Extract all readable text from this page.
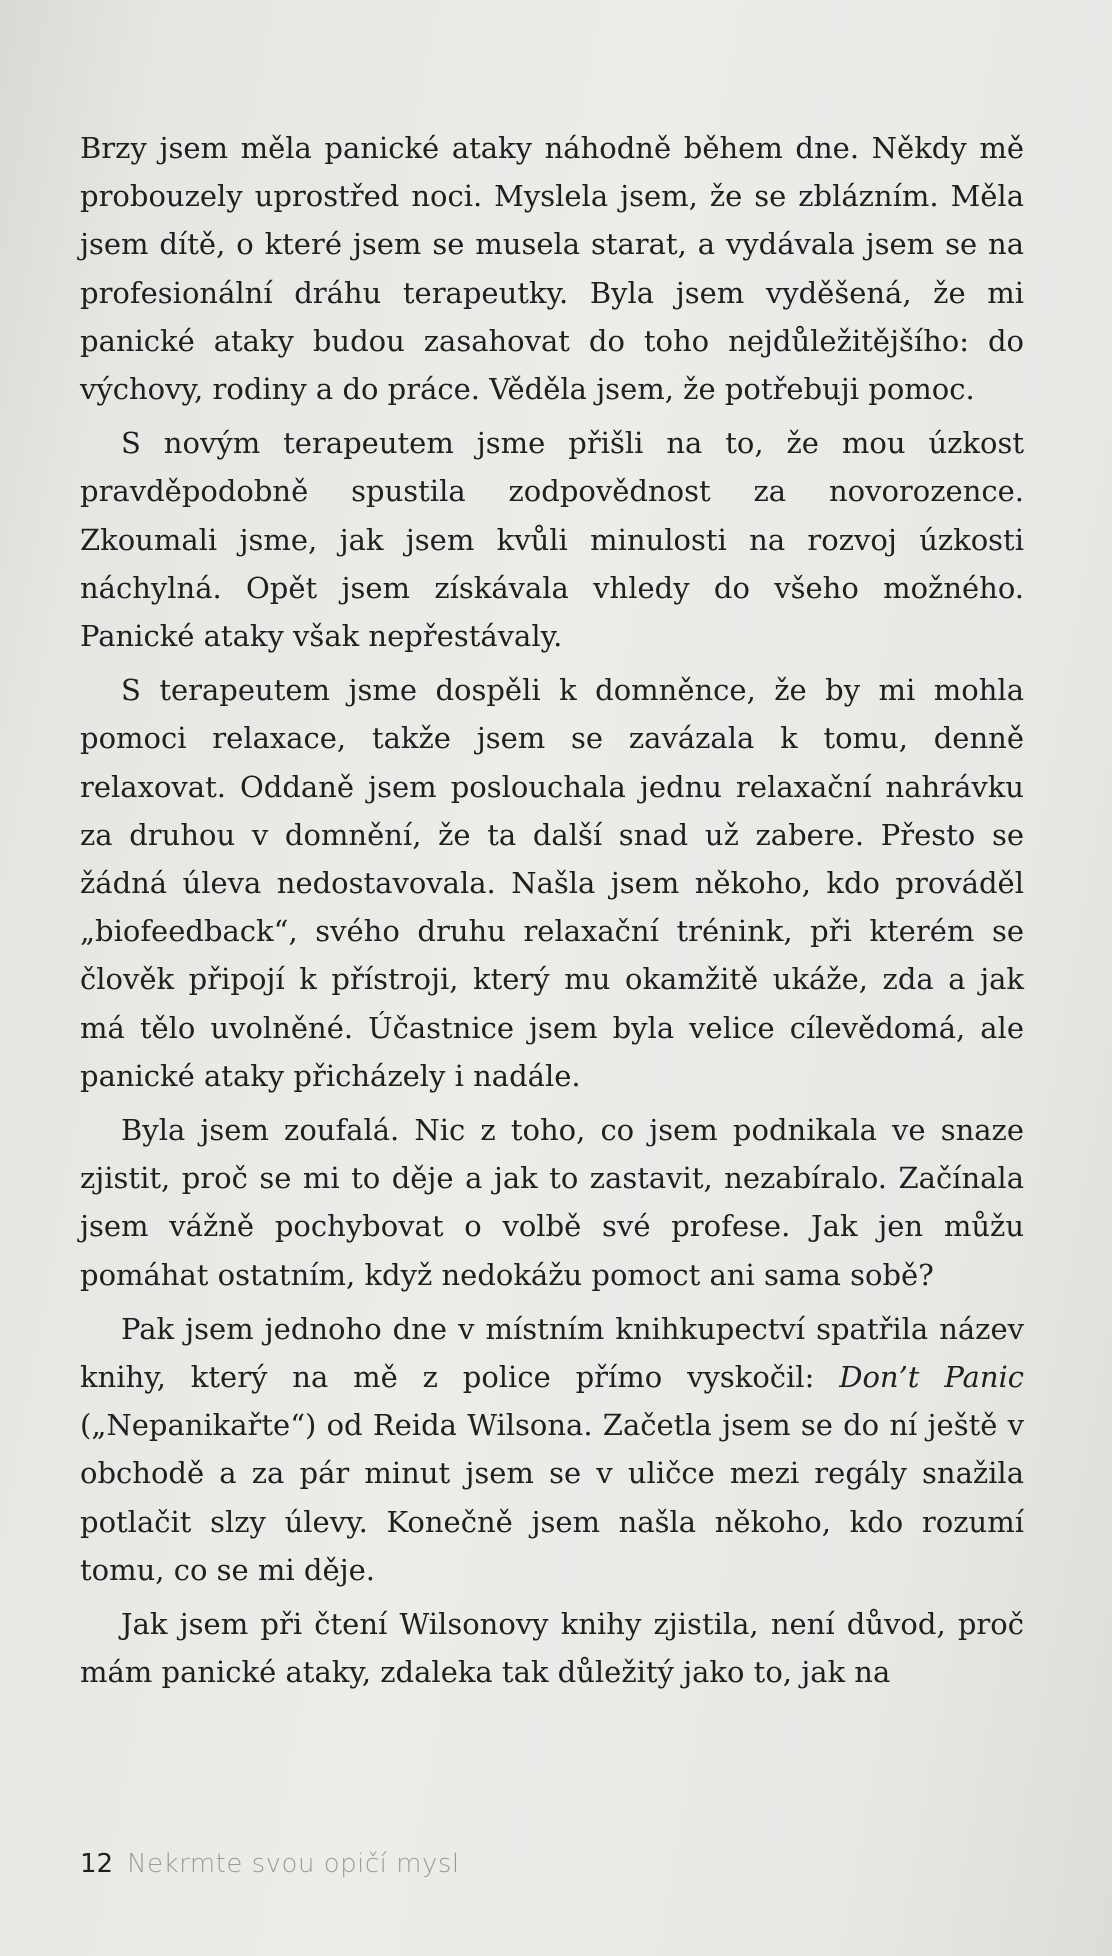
Brzy jsem měla panické ataky náhodně během dne. Někdy mě probouzely uprostřed noci. Myslela jsem, že se zblázním. Měla jsem dítě, o které jsem se musela starat, a vydávala jsem se na profesionální dráhu terapeutky. Byla jsem vyděšená, že mi panické ataky budou zasahovat do toho nejdůležitějšího: do výchovy, rodiny a do práce. Věděla jsem, že potřebuji pomoc.

S novým terapeutem jsme přišli na to, že mou úzkost pravděpodobně spustila zodpovědnost za novorozence. Zkoumali jsme, jak jsem kvůli minulosti na rozvoj úzkosti náchylná. Opět jsem získávala vhledy do všeho možného. Panické ataky však nepřestávaly.

S terapeutem jsme dospěli k domněnce, že by mi mohla pomoci relaxace, takže jsem se zavázala k tomu, denně relaxovat. Oddaně jsem poslouchala jednu relaxační nahrávku za druhou v domnění, že ta další snad už zabere. Přesto se žádná úleva nedostavovala. Našla jsem někoho, kdo prováděl „biofeedback“, svého druhu relaxační trénink, při kterém se člověk připojí k přístroji, který mu okamžitě ukáže, zda a jak má tělo uvolněné. Účastnice jsem byla velice cílevědomá, ale panické ataky přicházely i nadále.

Byla jsem zoufalá. Nic z toho, co jsem podnikala ve snaze zjistit, proč se mi to děje a jak to zastavit, nezabíralo. Začínala jsem vážně pochybovat o volbě své profese. Jak jen můžu pomáhat ostatním, když nedokážu pomoct ani sama sobě?

Pak jsem jednoho dne v místním knihkupectví spatřila název knihy, který na mě z police přímo vyskočil: Don’t Panic („Nepanikařte“) od Reida Wilsona. Začetla jsem se do ní ještě v obchodě a za pár minut jsem se v uličce mezi regály snažila potlačit slzy úlevy. Konečně jsem našla někoho, kdo rozumí tomu, co se mi děje.

Jak jsem při čtení Wilsonovy knihy zjistila, není důvod, proč mám panické ataky, zdaleka tak důležitý jako to, jak na

12 Nekrmte svou opičí mysl
